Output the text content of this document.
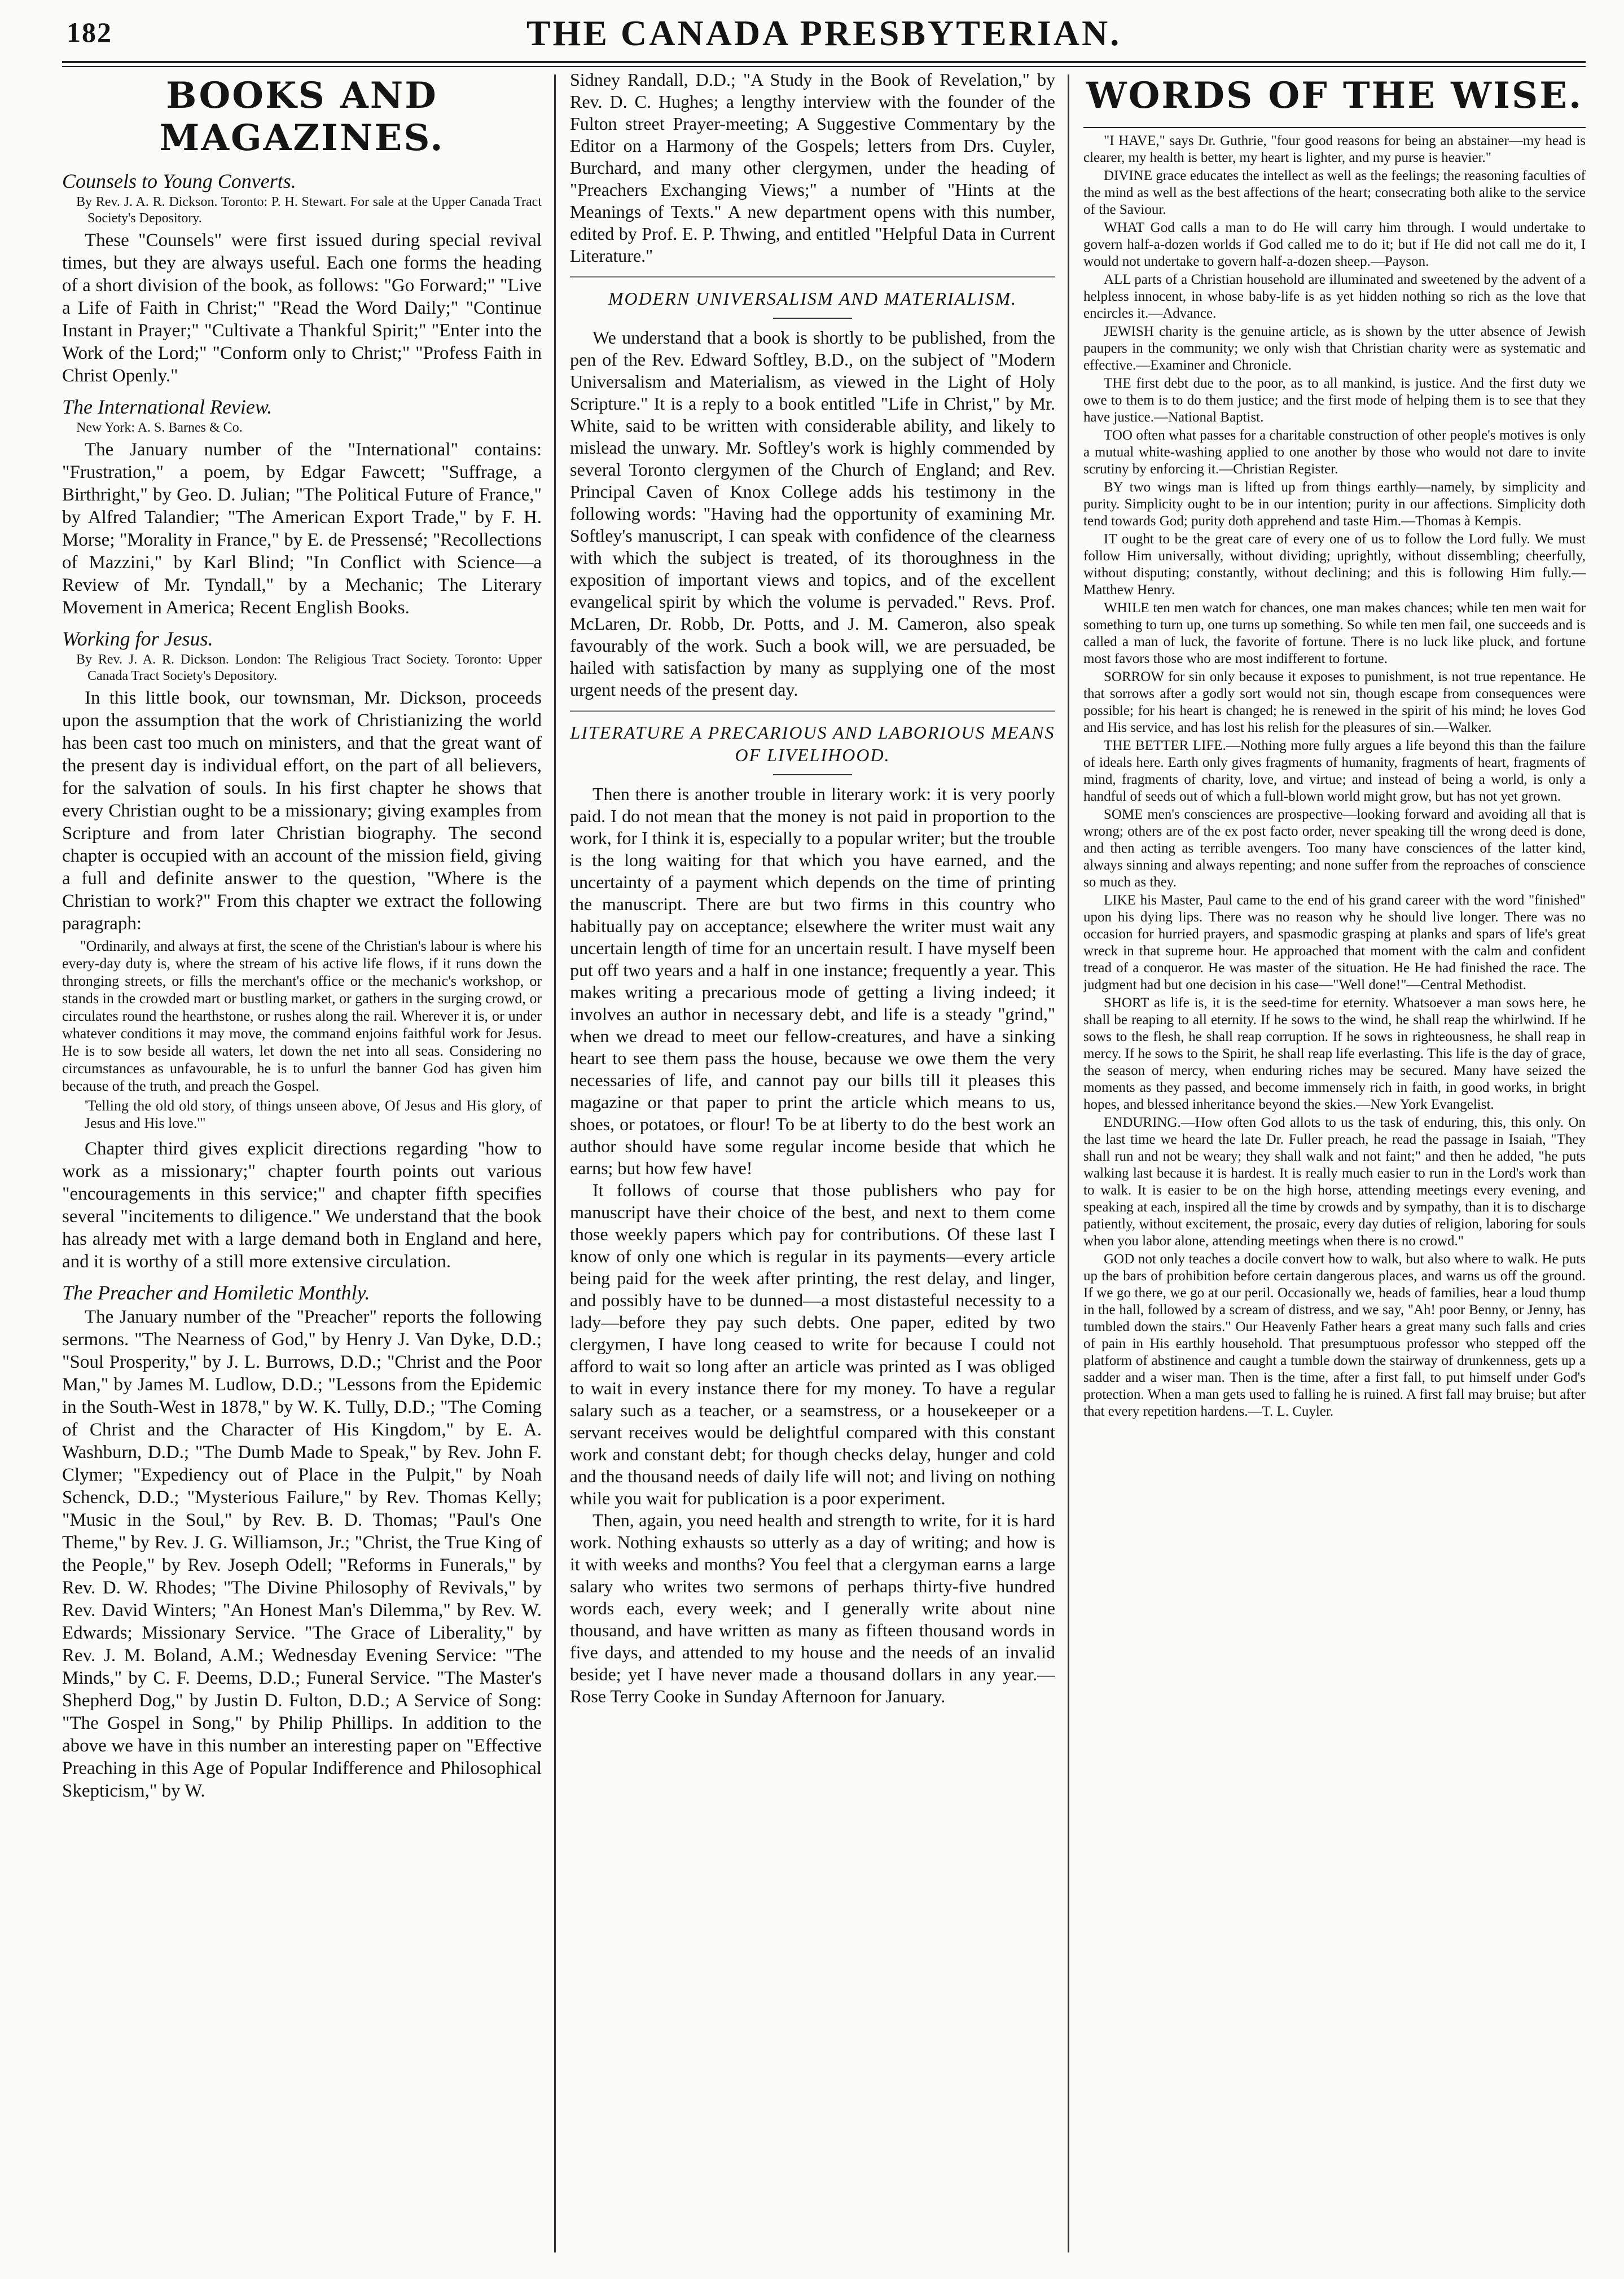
182	THE CANADA PRESBYTERIAN.
BOOKS AND MAGAZINES.
Counsels to Young Converts.

By Rev. J. A. R. Dickson. Toronto: P. H. Stewart. For sale at the Upper Canada Tract Society's Depository.

These "Counsels" were first issued during special revival times, but they are always useful. Each one forms the heading of a short division of the book, as follows: "Go Forward;" "Live a Life of Faith in Christ;" "Read the Word Daily;" "Continue Instant in Prayer;" "Cultivate a Thankful Spirit;" "Enter into the Work of the Lord;" "Conform only to Christ;" "Profess Faith in Christ Openly."

The International Review.

New York: A. S. Barnes & Co.

The January number of the "International" contains: "Frustration," a poem, by Edgar Fawcett; "Suffrage, a Birthright," by Geo. D. Julian; "The Political Future of France," by Alfred Talandier; "The American Export Trade," by F. H. Morse; "Morality in France," by E. de Pressensé; "Recollections of Mazzini," by Karl Blind; "In Conflict with Science—a Review of Mr. Tyndall," by a Mechanic; The Literary Movement in America; Recent English Books.

Working for Jesus.

By Rev. J. A. R. Dickson. London: The Religious Tract Society. Toronto: Upper Canada Tract Society's Depository.

In this little book, our townsman, Mr. Dickson, proceeds upon the assumption that the work of Christianizing the world has been cast too much on ministers, and that the great want of the present day is individual effort, on the part of all believers, for the salvation of souls. In his first chapter he shows that every Christian ought to be a missionary; giving examples from Scripture and from later Christian biography. The second chapter is occupied with an account of the mission field, giving a full and definite answer to the question, "Where is the Christian to work?" From this chapter we extract the following paragraph:

"Ordinarily, and always at first, the scene of the Christian's labour is where his every-day duty is, where the stream of his active life flows, if it runs down the thronging streets, or fills the merchant's office or the mechanic's workshop, or stands in the crowded mart or bustling market, or gathers in the surging crowd, or circulates round the hearthstone, or rushes along the rail. Wherever it is, or under whatever conditions it may move, the command enjoins faithful work for Jesus. He is to sow beside all waters, let down the net into all seas. Considering no circumstances as unfavourable, he is to unfurl the banner God has given him because of the truth, and preach the Gospel.

'Telling the old old story, of things unseen above, Of Jesus and His glory, of Jesus and His love.'"

Chapter third gives explicit directions regarding "how to work as a missionary;" chapter fourth points out various "encouragements in this service;" and chapter fifth specifies several "incitements to diligence." We understand that the book has already met with a large demand both in England and here, and it is worthy of a still more extensive circulation.

The Preacher and Homiletic Monthly.

The January number of the "Preacher" reports the following sermons. "The Nearness of God," by Henry J. Van Dyke, D.D.; "Soul Prosperity," by J. L. Burrows, D.D.; "Christ and the Poor Man," by James M. Ludlow, D.D.; "Lessons from the Epidemic in the South-West in 1878," by W. K. Tully, D.D.; "The Coming of Christ and the Character of His Kingdom," by E. A. Washburn, D.D.; "The Dumb Made to Speak," by Rev. John F. Clymer; "Expediency out of Place in the Pulpit," by Noah Schenck, D.D.; "Mysterious Failure," by Rev. Thomas Kelly; "Music in the Soul," by Rev. B. D. Thomas; "Paul's One Theme," by Rev. J. G. Williamson, Jr.; "Christ, the True King of the People," by Rev. Joseph Odell; "Reforms in Funerals," by Rev. D. W. Rhodes; "The Divine Philosophy of Revivals," by Rev. David Winters; "An Honest Man's Dilemma," by Rev. W. Edwards; Missionary Service. "The Grace of Liberality," by Rev. J. M. Boland, A.M.; Wednesday Evening Service: "The Minds," by C. F. Deems, D.D.; Funeral Service. "The Master's Shepherd Dog," by Justin D. Fulton, D.D.; A Service of Song: "The Gospel in Song," by Philip Phillips. In addition to the above we have in this number an interesting paper on "Effective Preaching in this Age of Popular Indifference and Philosophical Skepticism," by W.

Sidney Randall, D.D.; "A Study in the Book of Revelation," by Rev. D. C. Hughes; a lengthy interview with the founder of the Fulton street Prayer-meeting; A Suggestive Commentary by the Editor on a Harmony of the Gospels; letters from Drs. Cuyler, Burchard, and many other clergymen, under the heading of "Preachers Exchanging Views;" a number of "Hints at the Meanings of Texts." A new department opens with this number, edited by Prof. E. P. Thwing, and entitled "Helpful Data in Current Literature."

MODERN UNIVERSALISM AND MATERIALISM.

We understand that a book is shortly to be published, from the pen of the Rev. Edward Softley, B.D., on the subject of "Modern Universalism and Materialism, as viewed in the Light of Holy Scripture." It is a reply to a book entitled "Life in Christ," by Mr. White, said to be written with considerable ability, and likely to mislead the unwary. Mr. Softley's work is highly commended by several Toronto clergymen of the Church of England; and Rev. Principal Caven of Knox College adds his testimony in the following words: "Having had the opportunity of examining Mr. Softley's manuscript, I can speak with confidence of the clearness with which the subject is treated, of its thoroughness in the exposition of important views and topics, and of the excellent evangelical spirit by which the volume is pervaded." Revs. Prof. McLaren, Dr. Robb, Dr. Potts, and J. M. Cameron, also speak favourably of the work. Such a book will, we are persuaded, be hailed with satisfaction by many as supplying one of the most urgent needs of the present day.

LITERATURE A PRECARIOUS AND LABORIOUS MEANS OF LIVELIHOOD.

Then there is another trouble in literary work: it is very poorly paid. I do not mean that the money is not paid in proportion to the work, for I think it is, especially to a popular writer; but the trouble is the long waiting for that which you have earned, and the uncertainty of a payment which depends on the time of printing the manuscript. There are but two firms in this country who habitually pay on acceptance; elsewhere the writer must wait any uncertain length of time for an uncertain result. I have myself been put off two years and a half in one instance; frequently a year. This makes writing a precarious mode of getting a living indeed; it involves an author in necessary debt, and life is a steady "grind," when we dread to meet our fellow-creatures, and have a sinking heart to see them pass the house, because we owe them the very necessaries of life, and cannot pay our bills till it pleases this magazine or that paper to print the article which means to us, shoes, or potatoes, or flour! To be at liberty to do the best work an author should have some regular income beside that which he earns; but how few have!

It follows of course that those publishers who pay for manuscript have their choice of the best, and next to them come those weekly papers which pay for contributions. Of these last I know of only one which is regular in its payments—every article being paid for the week after printing, the rest delay, and linger, and possibly have to be dunned—a most distasteful necessity to a lady—before they pay such debts. One paper, edited by two clergymen, I have long ceased to write for because I could not afford to wait so long after an article was printed as I was obliged to wait in every instance there for my money. To have a regular salary such as a teacher, or a seamstress, or a housekeeper or a servant receives would be delightful compared with this constant work and constant debt; for though checks delay, hunger and cold and the thousand needs of daily life will not; and living on nothing while you wait for publication is a poor experiment.

Then, again, you need health and strength to write, for it is hard work. Nothing exhausts so utterly as a day of writing; and how is it with weeks and months? You feel that a clergyman earns a large salary who writes two sermons of perhaps thirty-five hundred words each, every week; and I generally write about nine thousand, and have written as many as fifteen thousand words in five days, and attended to my house and the needs of an invalid beside; yet I have never made a thousand dollars in any year.—Rose Terry Cooke in Sunday Afternoon for January.

WORDS OF THE WISE.

"I HAVE," says Dr. Guthrie, "four good reasons for being an abstainer—my head is clearer, my health is better, my heart is lighter, and my purse is heavier."

DIVINE grace educates the intellect as well as the feelings; the reasoning faculties of the mind as well as the best affections of the heart; consecrating both alike to the service of the Saviour.

WHAT God calls a man to do He will carry him through. I would undertake to govern half-a-dozen worlds if God called me to do it; but if He did not call me do it, I would not undertake to govern half-a-dozen sheep.—Payson.

ALL parts of a Christian household are illuminated and sweetened by the advent of a helpless innocent, in whose baby-life is as yet hidden nothing so rich as the love that encircles it.—Advance.

JEWISH charity is the genuine article, as is shown by the utter absence of Jewish paupers in the community; we only wish that Christian charity were as systematic and effective.—Examiner and Chronicle.

THE first debt due to the poor, as to all mankind, is justice. And the first duty we owe to them is to do them justice; and the first mode of helping them is to see that they have justice.—National Baptist.

TOO often what passes for a charitable construction of other people's motives is only a mutual white-washing applied to one another by those who would not dare to invite scrutiny by enforcing it.—Christian Register.

BY two wings man is lifted up from things earthly—namely, by simplicity and purity. Simplicity ought to be in our intention; purity in our affections. Simplicity doth tend towards God; purity doth apprehend and taste Him.—Thomas à Kempis.

IT ought to be the great care of every one of us to follow the Lord fully. We must follow Him universally, without dividing; uprightly, without dissembling; cheerfully, without disputing; constantly, without declining; and this is following Him fully.—Matthew Henry.

WHILE ten men watch for chances, one man makes chances; while ten men wait for something to turn up, one turns up something. So while ten men fail, one succeeds and is called a man of luck, the favorite of fortune. There is no luck like pluck, and fortune most favors those who are most indifferent to fortune.

SORROW for sin only because it exposes to punishment, is not true repentance. He that sorrows after a godly sort would not sin, though escape from consequences were possible; for his heart is changed; he is renewed in the spirit of his mind; he loves God and His service, and has lost his relish for the pleasures of sin.—Walker.

THE BETTER LIFE.—Nothing more fully argues a life beyond this than the failure of ideals here. Earth only gives fragments of humanity, fragments of heart, fragments of mind, fragments of charity, love, and virtue; and instead of being a world, is only a handful of seeds out of which a full-blown world might grow, but has not yet grown.

SOME men's consciences are prospective—looking forward and avoiding all that is wrong; others are of the ex post facto order, never speaking till the wrong deed is done, and then acting as terrible avengers. Too many have consciences of the latter kind, always sinning and always repenting; and none suffer from the reproaches of conscience so much as they.

LIKE his Master, Paul came to the end of his grand career with the word "finished" upon his dying lips. There was no reason why he should live longer. There was no occasion for hurried prayers, and spasmodic grasping at planks and spars of life's great wreck in that supreme hour. He approached that moment with the calm and confident tread of a conqueror. He was master of the situation. He He had finished the race. The judgment had but one decision in his case—"Well done!"—Central Methodist.

SHORT as life is, it is the seed-time for eternity. Whatsoever a man sows here, he shall be reaping to all eternity. If he sows to the wind, he shall reap the whirlwind. If he sows to the flesh, he shall reap corruption. If he sows in righteousness, he shall reap in mercy. If he sows to the Spirit, he shall reap life everlasting. This life is the day of grace, the season of mercy, when enduring riches may be secured. Many have seized the moments as they passed, and become immensely rich in faith, in good works, in bright hopes, and blessed inheritance beyond the skies.—New York Evangelist.

ENDURING.—How often God allots to us the task of enduring, this, this only. On the last time we heard the late Dr. Fuller preach, he read the passage in Isaiah, "They shall run and not be weary; they shall walk and not faint;" and then he added, "he puts walking last because it is hardest. It is really much easier to run in the Lord's work than to walk. It is easier to be on the high horse, attending meetings every evening, and speaking at each, inspired all the time by crowds and by sympathy, than it is to discharge patiently, without excitement, the prosaic, every day duties of religion, laboring for souls when you labor alone, attending meetings when there is no crowd."

GOD not only teaches a docile convert how to walk, but also where to walk. He puts up the bars of prohibition before certain dangerous places, and warns us off the ground. If we go there, we go at our peril. Occasionally we, heads of families, hear a loud thump in the hall, followed by a scream of distress, and we say, "Ah! poor Benny, or Jenny, has tumbled down the stairs." Our Heavenly Father hears a great many such falls and cries of pain in His earthly household. That presumptuous professor who stepped off the platform of abstinence and caught a tumble down the stairway of drunkenness, gets up a sadder and a wiser man. Then is the time, after a first fall, to put himself under God's protection. When a man gets used to falling he is ruined. A first fall may bruise; but after that every repetition hardens.—T. L. Cuyler.
